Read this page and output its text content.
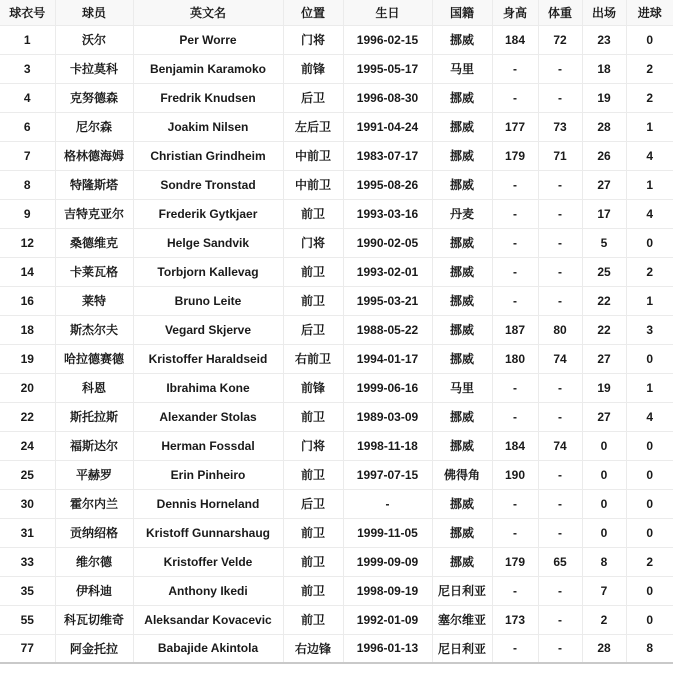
球衣号	球员	英文名	位置	生日	国籍	身高	体重	出场	进球
1	沃尔	Per Worre	门将	1996-02-15	挪威	184	72	23	0
3	卡拉莫科	Benjamin Karamoko	前锋	1995-05-17	马里	-	-	18	2
4	克努德森	Fredrik Knudsen	后卫	1996-08-30	挪威	-	-	19	2
6	尼尔森	Joakim Nilsen	左后卫	1991-04-24	挪威	177	73	28	1
7	格林德海姆	Christian Grindheim	中前卫	1983-07-17	挪威	179	71	26	4
8	特隆斯塔	Sondre Tronstad	中前卫	1995-08-26	挪威	-	-	27	1
9	吉特克亚尔	Frederik Gytkjaer	前卫	1993-03-16	丹麦	-	-	17	4
12	桑德维克	Helge Sandvik	门将	1990-02-05	挪威	-	-	5	0
14	卡莱瓦格	Torbjorn Kallevag	前卫	1993-02-01	挪威	-	-	25	2
16	莱特	Bruno Leite	前卫	1995-03-21	挪威	-	-	22	1
18	斯杰尔夫	Vegard Skjerve	后卫	1988-05-22	挪威	187	80	22	3
19	哈拉德赛德	Kristoffer Haraldseid	右前卫	1994-01-17	挪威	180	74	27	0
20	科恩	Ibrahima Kone	前锋	1999-06-16	马里	-	-	19	1
22	斯托拉斯	Alexander Stolas	前卫	1989-03-09	挪威	-	-	27	4
24	福斯达尔	Herman Fossdal	门将	1998-11-18	挪威	184	74	0	0
25	平赫罗	Erin Pinheiro	前卫	1997-07-15	佛得角	190	-	0	0
30	霍尔内兰	Dennis Horneland	后卫	-	挪威	-	-	0	0
31	贡纳绍格	Kristoff Gunnarshaug	前卫	1999-11-05	挪威	-	-	0	0
33	维尔德	Kristoffer Velde	前卫	1999-09-09	挪威	179	65	8	2
35	伊科迪	Anthony Ikedi	前卫	1998-09-19	尼日利亚	-	-	7	0
55	科瓦切维奇	Aleksandar Kovacevic	前卫	1992-01-09	塞尔维亚	173	-	2	0
77	阿金托拉	Babajide Akintola	右边锋	1996-01-13	尼日利亚	-	-	28	8
